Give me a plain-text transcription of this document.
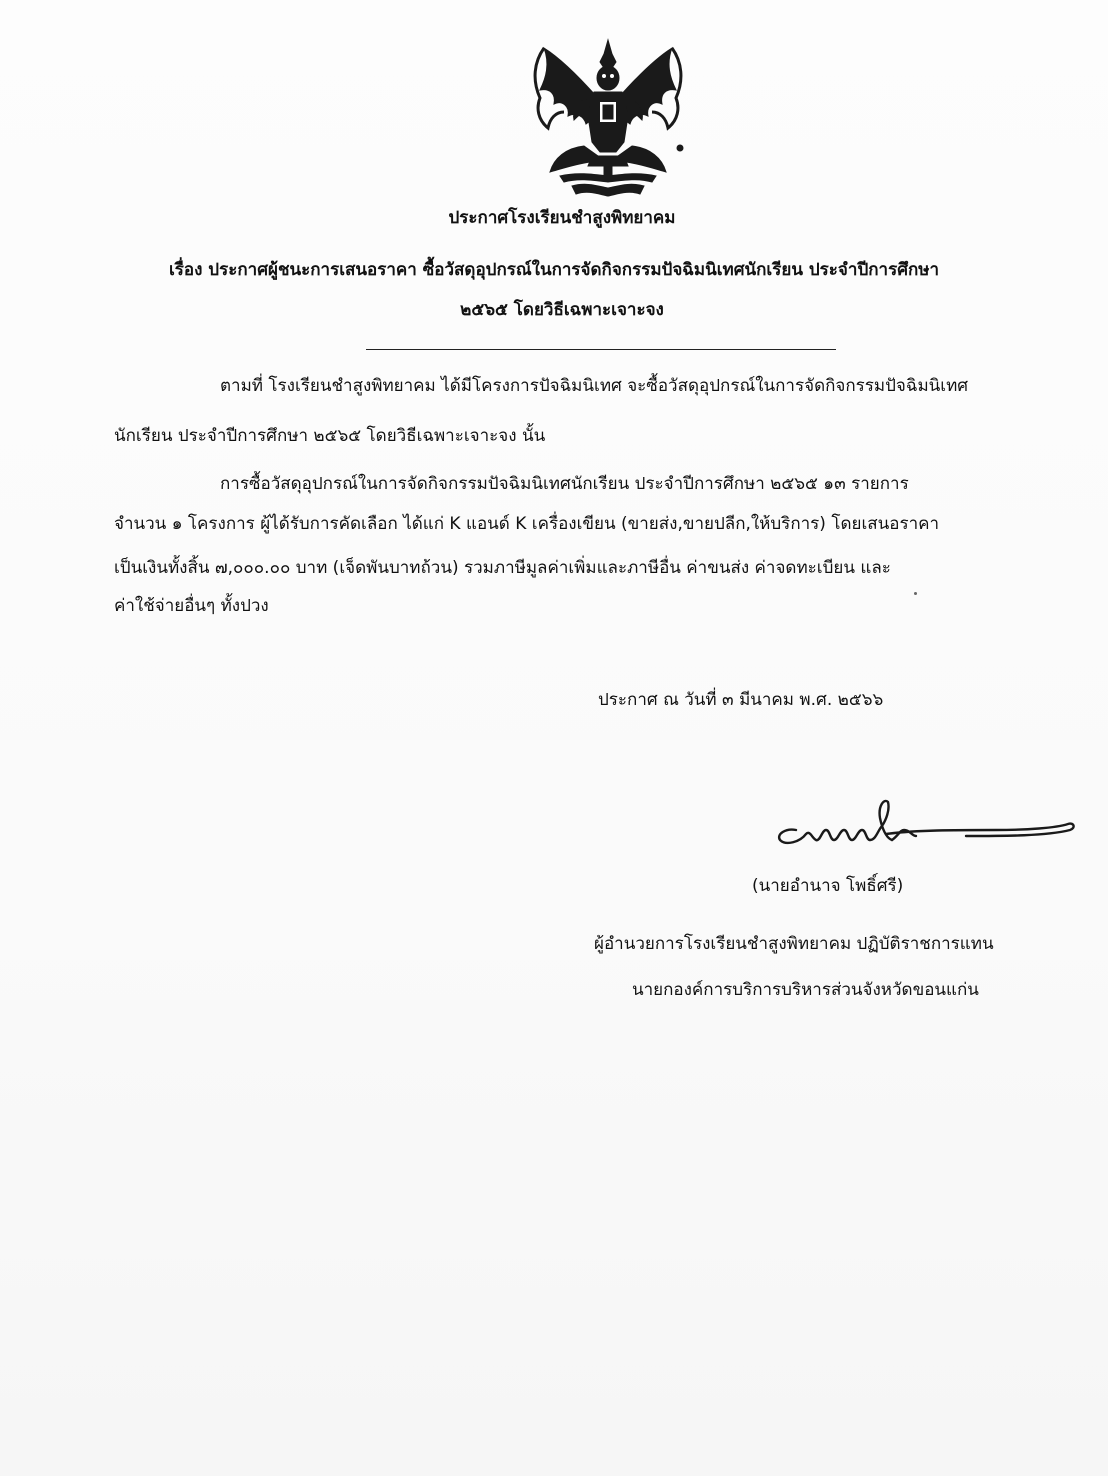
ประกาศโรงเรียนชำสูงพิทยาคม
เรื่อง ประกาศผู้ชนะการเสนอราคา ซื้อวัสดุอุปกรณ์ในการจัดกิจกรรมปัจฉิมนิเทศนักเรียน ประจำปีการศึกษา
๒๕๖๕ โดยวิธีเฉพาะเจาะจง
ตามที่ โรงเรียนชำสูงพิทยาคม ได้มีโครงการปัจฉิมนิเทศ จะซื้อวัสดุอุปกรณ์ในการจัดกิจกรรมปัจฉิมนิเทศ
นักเรียน ประจำปีการศึกษา ๒๕๖๕ โดยวิธีเฉพาะเจาะจง นั้น
การซื้อวัสดุอุปกรณ์ในการจัดกิจกรรมปัจฉิมนิเทศนักเรียน ประจำปีการศึกษา ๒๕๖๕ ๑๓ รายการ
จำนวน ๑ โครงการ ผู้ได้รับการคัดเลือก ได้แก่ K แอนด์ K เครื่องเขียน (ขายส่ง,ขายปลีก,ให้บริการ) โดยเสนอราคา
เป็นเงินทั้งสิ้น ๗,๐๐๐.๐๐ บาท (เจ็ดพันบาทถ้วน) รวมภาษีมูลค่าเพิ่มและภาษีอื่น ค่าขนส่ง ค่าจดทะเบียน และ
ค่าใช้จ่ายอื่นๆ ทั้งปวง
ประกาศ ณ วันที่ ๓ มีนาคม พ.ศ. ๒๕๖๖
(นายอำนาจ โพธิ์ศรี)
ผู้อำนวยการโรงเรียนชำสูงพิทยาคม ปฏิบัติราชการแทน
นายกองค์การบริการบริหารส่วนจังหวัดขอนแก่น
